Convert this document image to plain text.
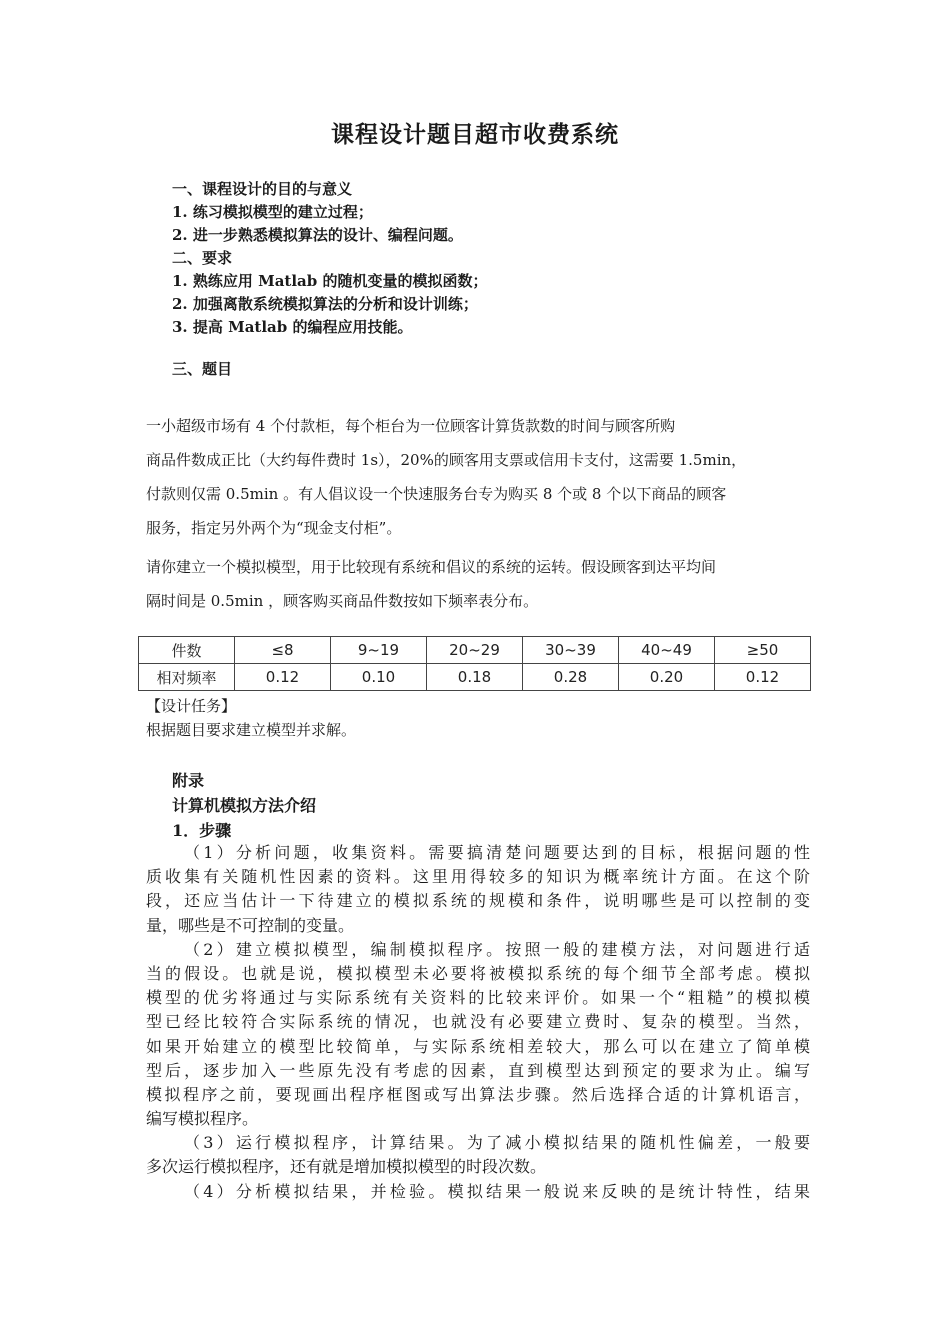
课程设计题目超市收费系统
一、课程设计的目的与意义
1. 练习模拟模型的建立过程；
2. 进一步熟悉模拟算法的设计、编程问题。
二、要求
1. 熟练应用 Matlab 的随机变量的模拟函数；
2. 加强离散系统模拟算法的分析和设计训练；
3. 提高 Matlab 的编程应用技能。
三、题目
一小超级市场有 4 个付款柜，每个柜台为一位顾客计算货款数的时间与顾客所购
商品件数成正比（大约每件费时 1s），20%的顾客用支票或信用卡支付，这需要 1.5min，
付款则仅需 0.5min 。有人倡议设一个快速服务台专为购买 8 个或 8 个以下商品的顾客
服务，指定另外两个为“现金支付柜”。
请你建立一个模拟模型，用于比较现有系统和倡议的系统的运转。假设顾客到达平均间
隔时间是 0.5min ，顾客购买商品件数按如下频率表分布。
件数	≤8	9~19	20~29	30~39	40~49	≥50
相对频率	0.12	0.10	0.18	0.28	0.20	0.12
【设计任务】
根据题目要求建立模型并求解。
附录
计算机模拟方法介绍
1．步骤
（1）分析问题，收集资料。需要搞清楚问题要达到的目标，根据问题的性
质收集有关随机性因素的资料。这里用得较多的知识为概率统计方面。在这个阶
段，还应当估计一下待建立的模拟系统的规模和条件，说明哪些是可以控制的变
量，哪些是不可控制的变量。
（2）建立模拟模型，编制模拟程序。按照一般的建模方法，对问题进行适
当的假设。也就是说，模拟模型未必要将被模拟系统的每个细节全部考虑。模拟
模型的优劣将通过与实际系统有关资料的比较来评价。如果一个“粗糙”的模拟模
型已经比较符合实际系统的情况，也就没有必要建立费时、复杂的模型。当然，
如果开始建立的模型比较简单，与实际系统相差较大，那么可以在建立了简单模
型后，逐步加入一些原先没有考虑的因素，直到模型达到预定的要求为止。编写
模拟程序之前，要现画出程序框图或写出算法步骤。然后选择合适的计算机语言，
编写模拟程序。
（3）运行模拟程序，计算结果。为了减小模拟结果的随机性偏差，一般要
多次运行模拟程序，还有就是增加模拟模型的时段次数。
（4）分析模拟结果，并检验。模拟结果一般说来反映的是统计特性，结果
